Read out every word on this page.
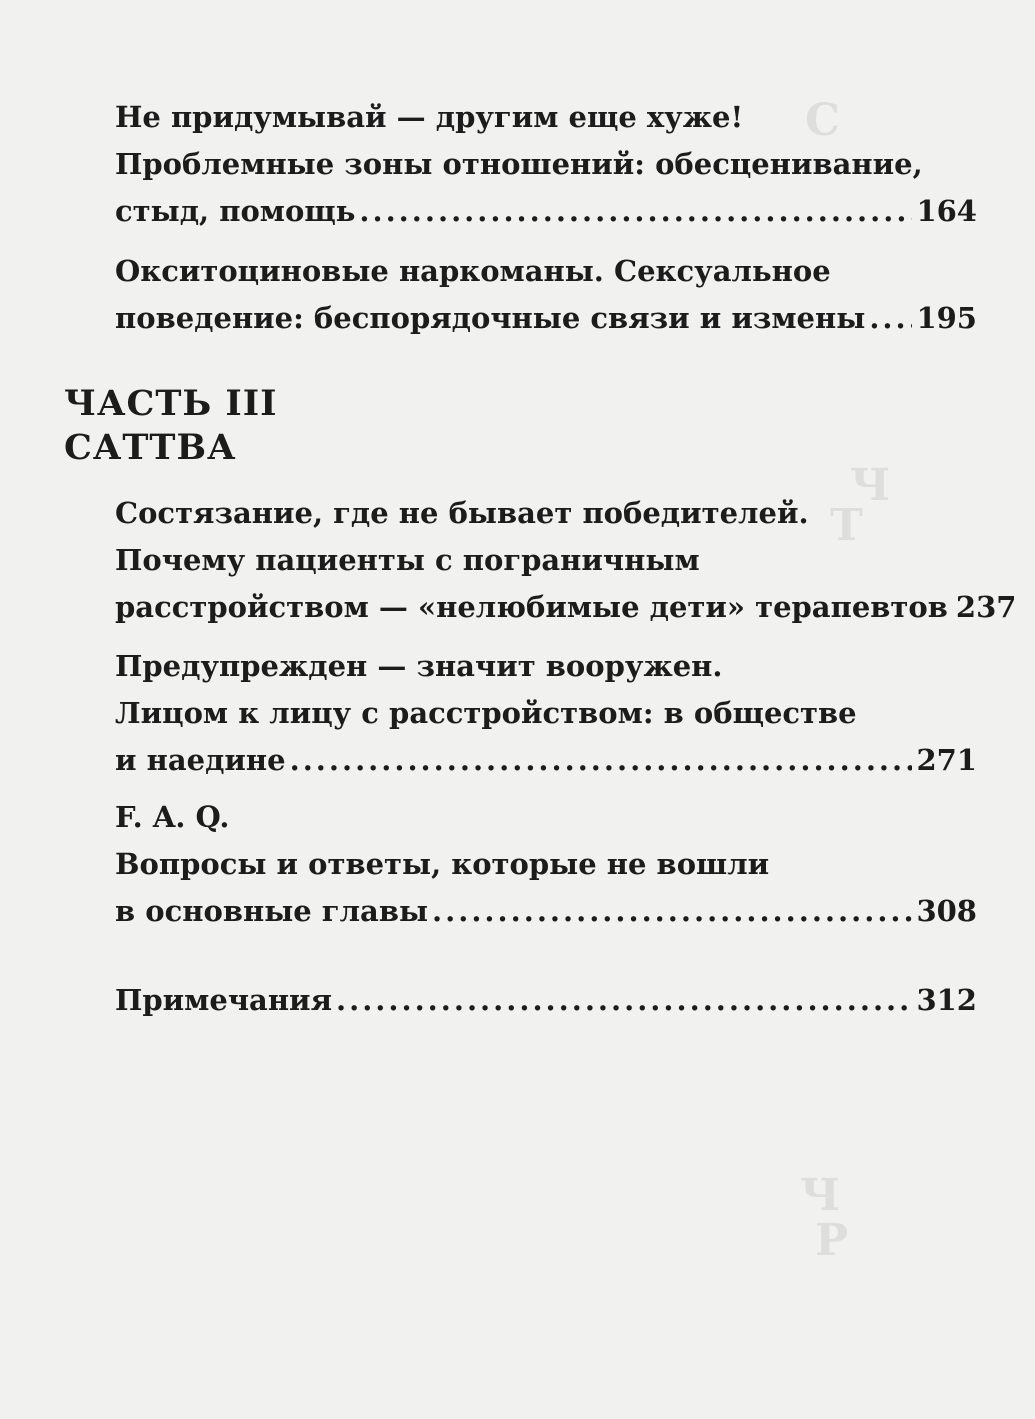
С
Ч
Т
Ч
Р
Не придумывай — другим еще хуже!
Проблемные зоны отношений: обесценивание,
стыд, помощь .....	164
Окситоциновые наркоманы. Сексуальное
поведение: беспорядочные связи и измены ..... 195
ЧАСТЬ III
САТТВА
Состязание, где не бывает победителей.
Почему пациенты с пограничным
расстройством — «нелюбимые дети» терапевтов 237
Предупрежден — значит вооружен.
Лицом к лицу с расстройством: в обществе
и наедине .....	271
F. A. Q.
Вопросы и ответы, которые не вошли
в основные главы .....	308
Примечания .....	312
